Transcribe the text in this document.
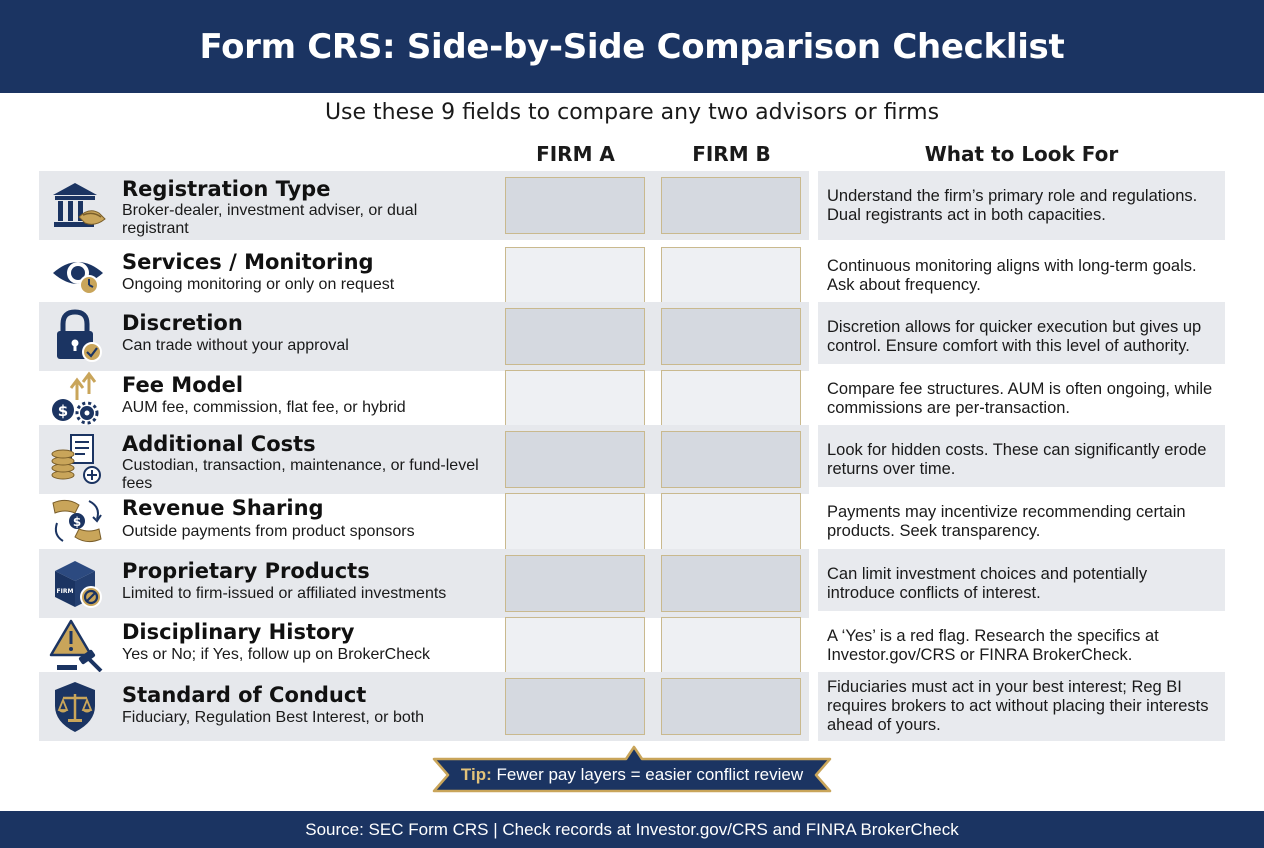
Form CRS: Side-by-Side Comparison Checklist
Use these 9 fields to compare any two advisors or firms
FIRM A	FIRM B	What to Look For
Registration Type
Broker-dealer, investment adviser, or dual registrant
Understand the firm’s primary role and regulations. Dual registrants act in both capacities.
Services / Monitoring
Ongoing monitoring or only on request
Continuous monitoring aligns with long-term goals. Ask about frequency.
Discretion
Can trade without your approval
Discretion allows for quicker execution but gives up control. Ensure comfort with this level of authority.
$
Fee Model
AUM fee, commission, flat fee, or hybrid
Compare fee structures. AUM is often ongoing, while commissions are per-transaction.
Additional Costs
Custodian, transaction, maintenance, or fund-level fees
Look for hidden costs. These can significantly erode returns over time.
$
Revenue Sharing
Outside payments from product sponsors
Payments may incentivize recommending certain products. Seek transparency.
FIRM
Proprietary Products
Limited to firm-issued or affiliated investments
Can limit investment choices and potentially introduce conflicts of interest.
Disciplinary History
Yes or No; if Yes, follow up on BrokerCheck
A ‘Yes’ is a red flag. Research the specifics at Investor.gov/CRS or FINRA BrokerCheck.
Standard of Conduct
Fiduciary, Regulation Best Interest, or both
Fiduciaries must act in your best interest; Reg BI requires brokers to act without placing their interests ahead of yours.
Tip: Fewer pay layers = easier conflict review
Source: SEC Form CRS | Check records at Investor.gov/CRS and FINRA BrokerCheck
